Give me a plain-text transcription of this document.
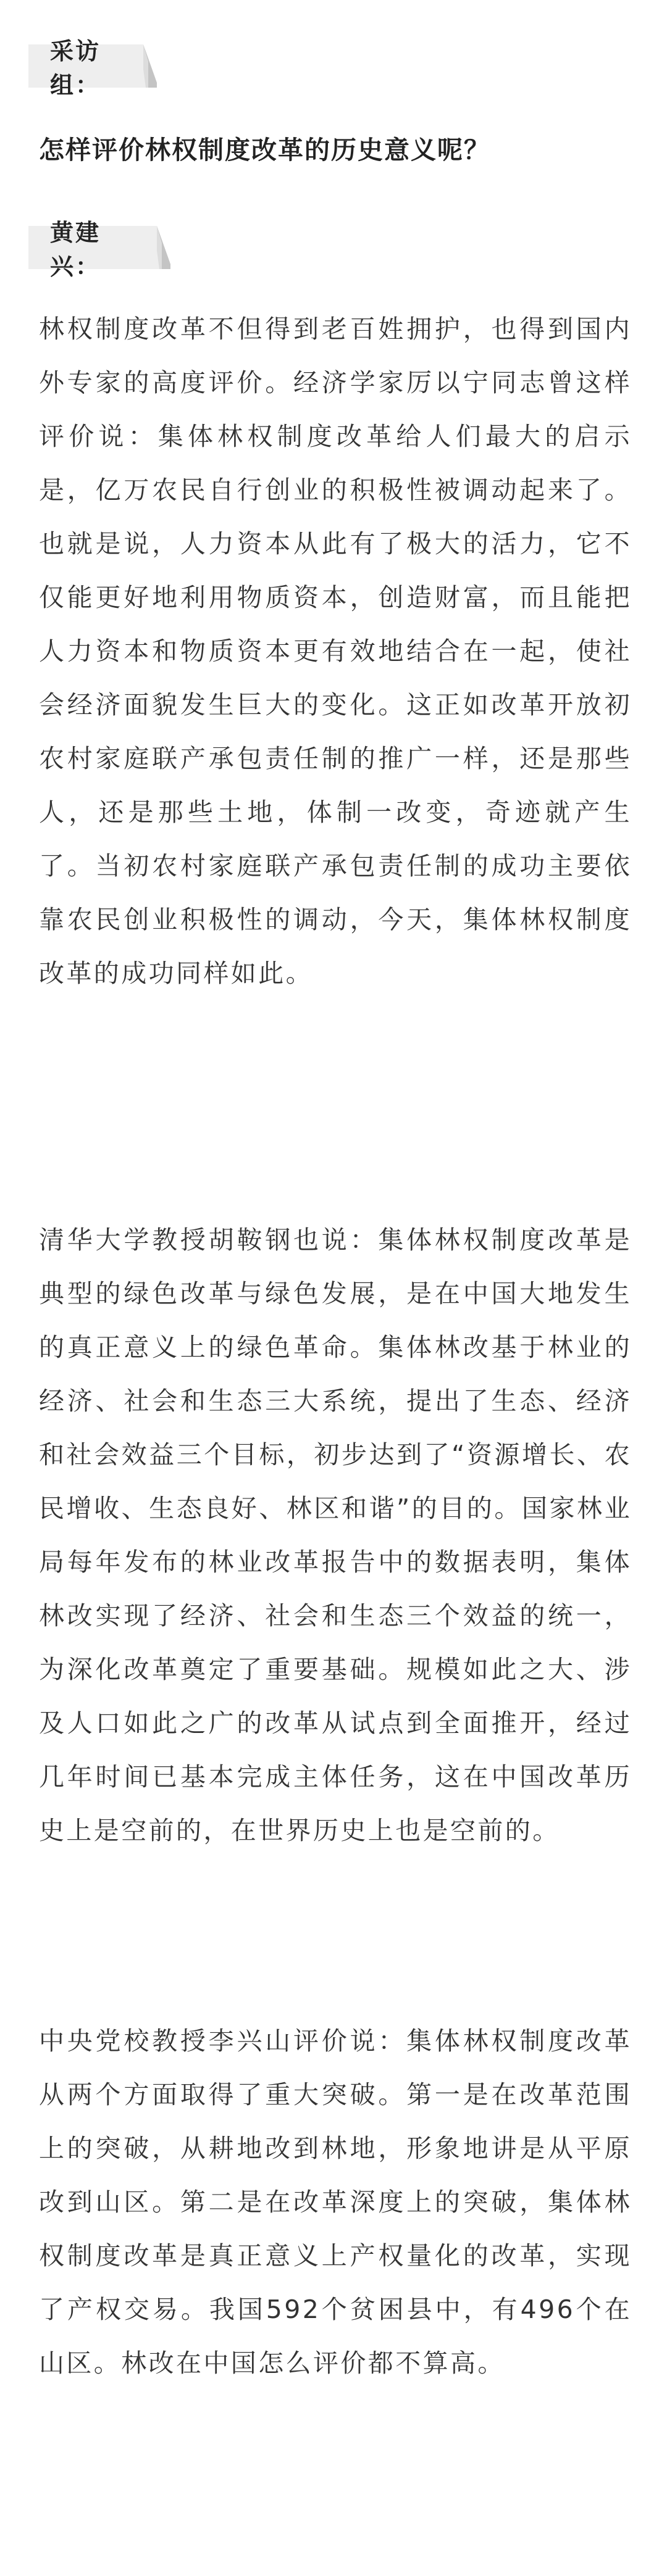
采访组：
怎样评价林权制度改革的历史意义呢？
黄建兴：

林权制度改革不但得到老百姓拥护，也得到国内外专家的高度评价。经济学家厉以宁同志曾这样评价说：集体林权制度改革给人们最大的启示是，亿万农民自行创业的积极性被调动起来了。也就是说，人力资本从此有了极大的活力，它不仅能更好地利用物质资本，创造财富，而且能把人力资本和物质资本更有效地结合在一起，使社会经济面貌发生巨大的变化。这正如改革开放初农村家庭联产承包责任制的推广一样，还是那些人，还是那些土地，体制一改变，奇迹就产生了。当初农村家庭联产承包责任制的成功主要依靠农民创业积极性的调动，今天，集体林权制度改革的成功同样如此。

清华大学教授胡鞍钢也说：集体林权制度改革是典型的绿色改革与绿色发展，是在中国大地发生的真正意义上的绿色革命。集体林改基于林业的经济、社会和生态三大系统，提出了生态、经济和社会效益三个目标，初步达到了“资源增长、农民增收、生态良好、林区和谐”的目的。国家林业局每年发布的林业改革报告中的数据表明，集体林改实现了经济、社会和生态三个效益的统一，为深化改革奠定了重要基础。规模如此之大、涉及人口如此之广的改革从试点到全面推开，经过几年时间已基本完成主体任务，这在中国改革历史上是空前的，在世界历史上也是空前的。

中央党校教授李兴山评价说：集体林权制度改革从两个方面取得了重大突破。第一是在改革范围上的突破，从耕地改到林地，形象地讲是从平原改到山区。第二是在改革深度上的突破，集体林权制度改革是真正意义上产权量化的改革，实现了产权交易。我国592个贫困县中，有496个在山区。林改在中国怎么评价都不算高。
